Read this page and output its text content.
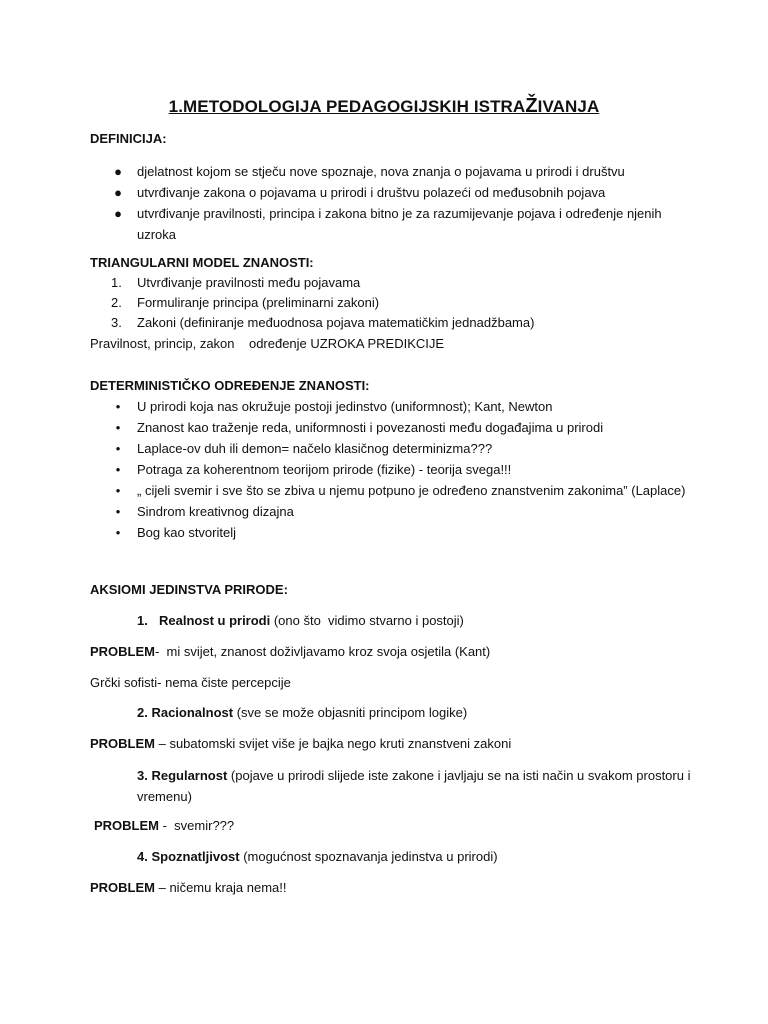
1.METODOLOGIJA PEDAGOGIJSKIH ISTRAŽIVANJA
DEFINICIJA:
● djelatnost kojom se stječu nove spoznaje, nova znanja o pojavama u prirodi i društvu
● utvrđivanje zakona o pojavama u prirodi i društvu polazeći od međusobnih pojava
● utvrđivanje pravilnosti, principa i zakona bitno je za razumijevanje pojava i određenje njenih uzroka
TRIANGULARNI MODEL ZNANOSTI:
1.	Utvrđivanje pravilnosti među pojavama
2.	Formuliranje principa (preliminarni zakoni)
3.	Zakoni (definiranje međuodnosa pojava matematičkim jednadžbama)
Pravilnost, princip, zakon    određenje UZROKA PREDIKCIJE
DETERMINISTIČKO ODREĐENJE ZNANOSTI:
•	U prirodi koja nas okružuje postoji jedinstvo (uniformnost); Kant, Newton
•	Znanost kao traženje reda, uniformnosti i povezanosti među događajima u prirodi
•	Laplace-ov duh ili demon= načelo klasičnog determinizma???
•	Potraga za koherentnom teorijom prirode (fizike) - teorija svega!!!
•	„ cijeli svemir i sve što se zbiva u njemu potpuno je određeno znanstvenim zakonima” (Laplace)
•	Sindrom kreativnog dizajna
•	Bog kao stvoritelj
AKSIOMI JEDINSTVA PRIRODE:
1. Realnost u prirodi (ono što  vidimo stvarno i postoji)
PROBLEM-  mi svijet, znanost doživljavamo kroz svoja osjetila (Kant)
Grčki sofisti- nema čiste percepcije
2. Racionalnost (sve se može objasniti principom logike)
PROBLEM – subatomski svijet više je bajka nego kruti znanstveni zakoni
3. Regularnost (pojave u prirodi slijede iste zakone i javljaju se na isti način u svakom prostoru i vremenu)
PROBLEM -  svemir???
4. Spoznatljivost (mogućnost spoznavanja jedinstva u prirodi)
PROBLEM – ničemu kraja nema!!
